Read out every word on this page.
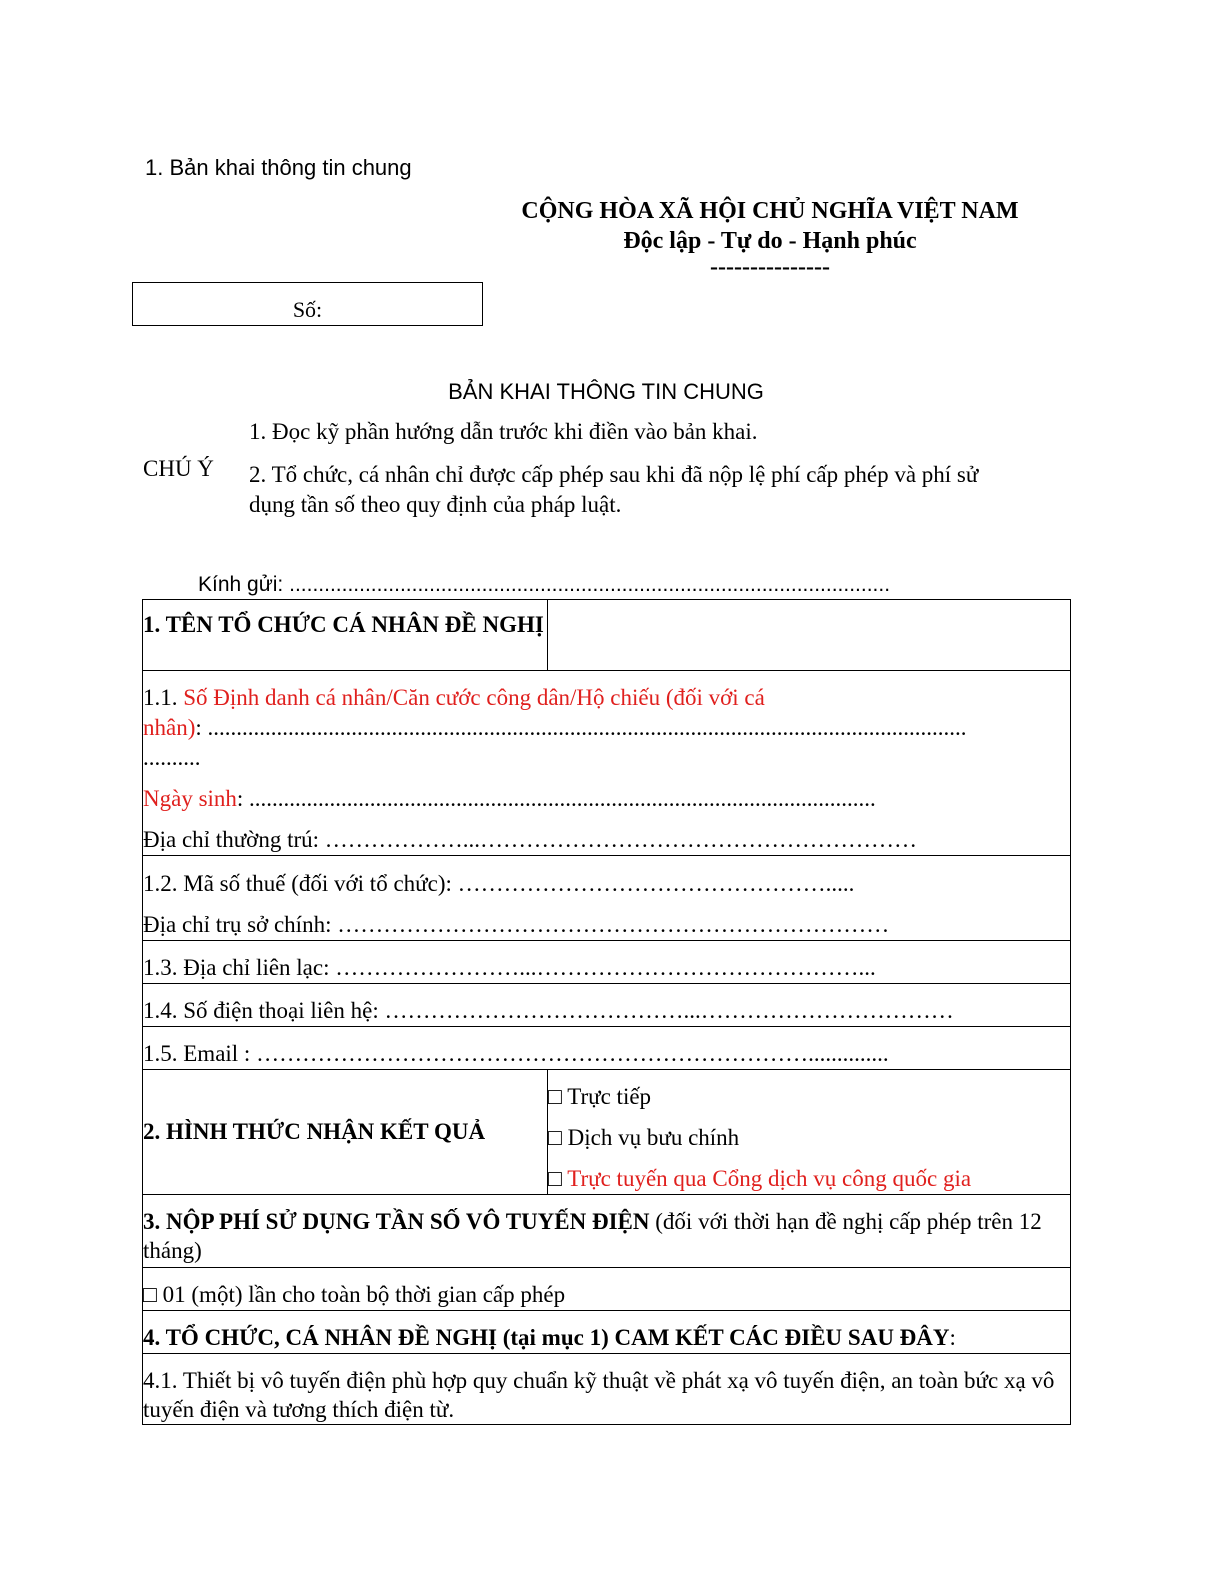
1. Bản khai thông tin chung
CỘNG HÒA XÃ HỘI CHỦ NGHĨA VIỆT NAM
Độc lập - Tự do - Hạnh phúc
---------------
Số:
BẢN KHAI THÔNG TIN CHUNG
CHÚ Ý
1. Đọc kỹ phần hướng dẫn trước khi điền vào bản khai.
2. Tổ chức, cá nhân chỉ được cấp phép sau khi đã nộp lệ phí cấp phép và phí sử dụng tần số theo quy định của pháp luật.
Kính gửi: .......................................................................................................
1. TÊN TỔ CHỨC CÁ NHÂN ĐỀ NGHỊ	

1.1. Số Định danh cá nhân/Căn cước công dân/Hộ chiếu (đối với cá
nhân): ....................................................................................................................................
..........
Ngày sinh: .............................................................................................................
Địa chỉ thường trú: ………………...…………………………………………………	

1.2. Mã số thuế (đối với tổ chức): ………………………………………….....
Địa chỉ trụ sở chính: ………………………………………………………………	

1.3. Địa chỉ liên lạc: ……………………...……………………………………...	

1.4. Số điện thoại liên hệ: …………………………………...……………………………	

1.5. Email : ………………………………………………………………..............	

2. HÌNH THỨC NHẬN KẾT QUẢ	□ Trực tiếp
□ Dịch vụ bưu chính
□ Trực tuyến qua Cổng dịch vụ công quốc gia

3. NỘP PHÍ SỬ DỤNG TẦN SỐ VÔ TUYẾN ĐIỆN (đối với thời hạn đề nghị cấp phép trên 12 tháng)	

□ 01 (một) lần cho toàn bộ thời gian cấp phép	

4. TỔ CHỨC, CÁ NHÂN ĐỀ NGHỊ (tại mục 1) CAM KẾT CÁC ĐIỀU SAU ĐÂY:	

4.1. Thiết bị vô tuyến điện phù hợp quy chuẩn kỹ thuật về phát xạ vô tuyến điện, an toàn bức xạ vô tuyến điện và tương thích điện từ.	
